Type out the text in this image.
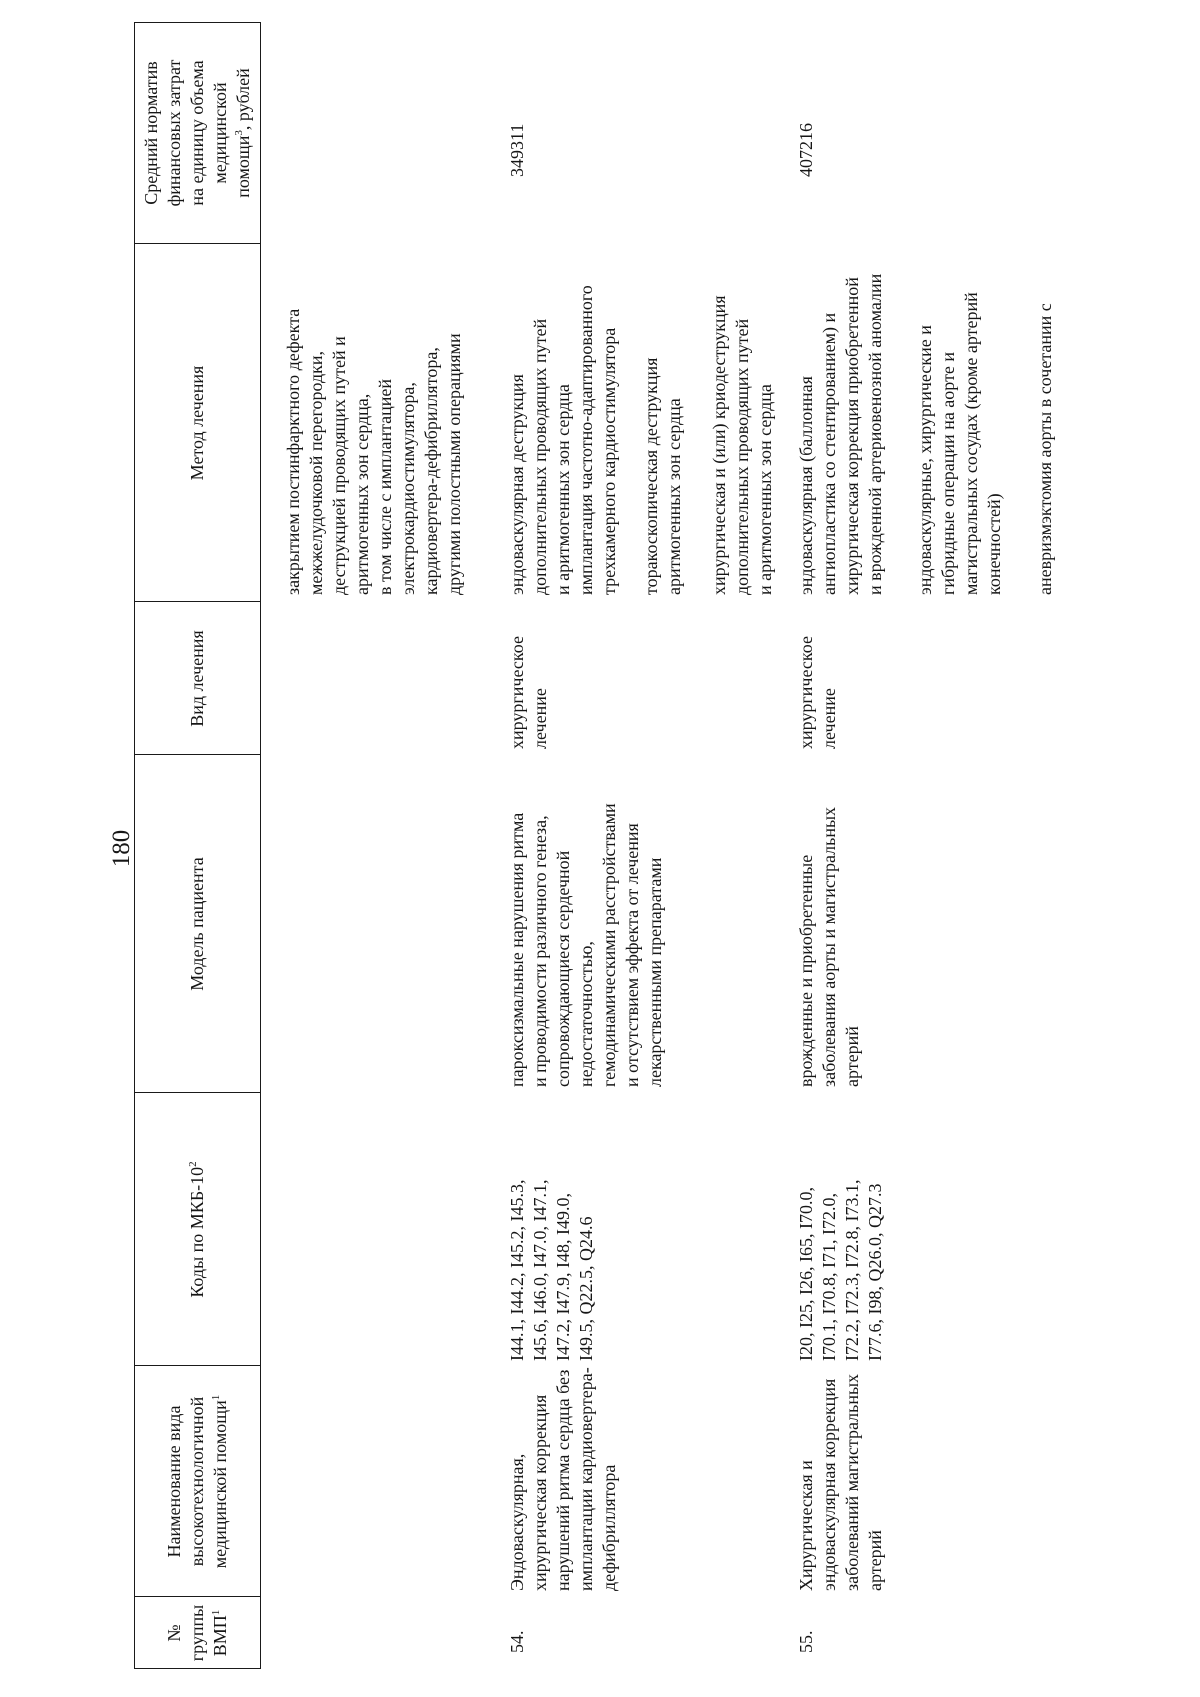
180
№ группы ВМП$^1$
Наименование вида высокотехнологичной медицинской помощи$^1$
Коды по МКБ-$10^2$
Модель пациента
Вид лечения
Метод лечения
Средний норматив финансовых затрат на единицу объема медицинской помощи$^3$, рублей
закрытием постинфарктного дефекта межжелудочковой перегородки, деструкцией проводящих путей и аритмогенных зон сердца, в том числе с имплантацией электрокардиостимулятора, кардиовертера-дефибриллятора, другими полостными операциями
54.
Эндоваскулярная, хирургическая коррекция нарушений ритма сердца без имплантации кардиовертера- дефибриллятора
I44.1, I44.2, I45.2, I45.3, I45.6, I46.0, I47.0, I47.1, I47.2, I47.9, I48, I49.0, I49.5, Q22.5, Q24.6
пароксизмальные нарушения ритма и проводимости различного генеза, сопровождающиеся сердечной недостаточностью, гемодинамическими расстройствами и отсутствием эффекта от лечения лекарственными препаратами
хирургическое лечение
эндоваскулярная деструкция дополнительных проводящих путей и аритмогенных зон сердца имплантация частотно-адаптированного трехкамерного кардиостимулятора торакоскопическая деструкция аритмогенных зон сердца хирургическая и (или) криодеструкция дополнительных проводящих путей и аритмогенных зон сердца
349311
55.
Хирургическая и эндоваскулярная коррекция заболеваний магистральных артерий
I20, I25, I26, I65, I70.0, I70.1, I70.8, I71, I72.0, I72.2, I72.3, I72.8, I73.1, I77.6, I98, Q26.0, Q27.3
врожденные и приобретенные заболевания аорты и магистральных артерий
хирургическое лечение
эндоваскулярная (баллонная ангиопластика со стентированием) и хирургическая коррекция приобретенной и врожденной артериовенозной аномалии эндоваскулярные, хирургические и гибридные операции на аорте и магистральных сосудах (кроме артерий конечностей) аневризмэктомия аорты в сочетании с
407216
